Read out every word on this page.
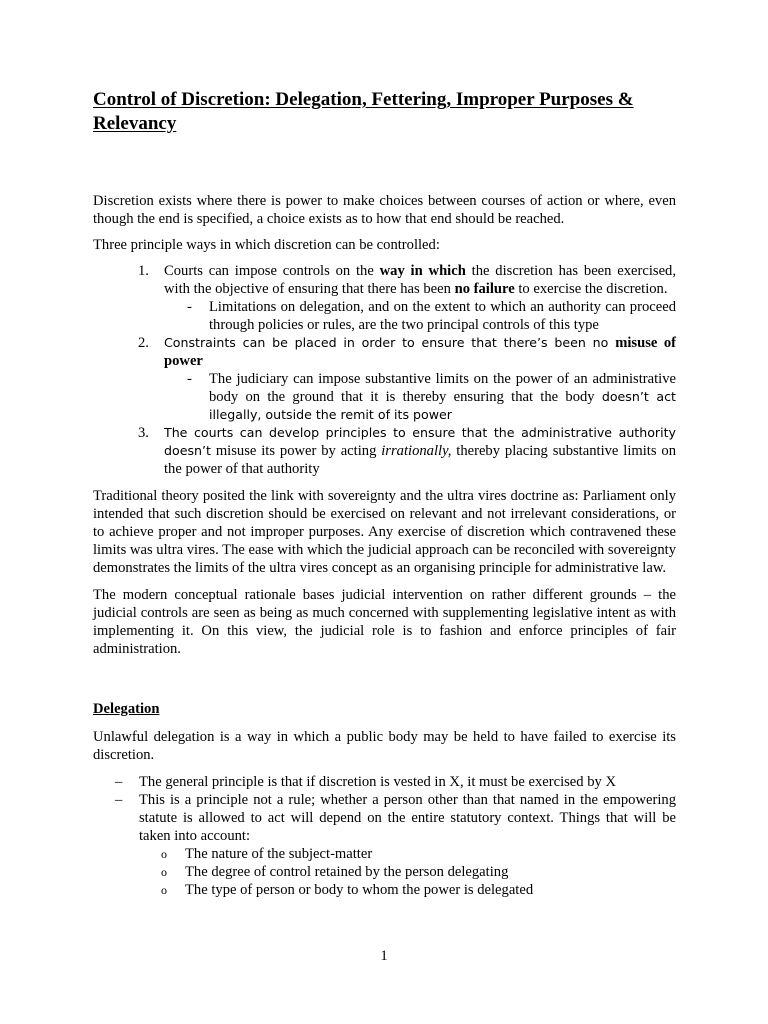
Control of Discretion: Delegation, Fettering, Improper Purposes & Relevancy

Discretion exists where there is power to make choices between courses of action or where, even though the end is specified, a choice exists as to how that end should be reached.

Three principle ways in which discretion can be controlled:

1.	Courts can impose controls on the way in which the discretion has been exercised, with the objective of ensuring that there has been no failure to exercise the discretion.
-	Limitations on delegation, and on the extent to which an authority can proceed through policies or rules, are the two principal controls of this type
2.	Constraints can be placed in order to ensure that there’s been no misuse of power
-	The judiciary can impose substantive limits on the power of an administrative body on the ground that it is thereby ensuring that the body doesn’t act illegally, outside the remit of its power
3.	The courts can develop principles to ensure that the administrative authority doesn’t misuse its power by acting irrationally, thereby placing substantive limits on the power of that authority

Traditional theory posited the link with sovereignty and the ultra vires doctrine as: Parliament only intended that such discretion should be exercised on relevant and not irrelevant considerations, or to achieve proper and not improper purposes. Any exercise of discretion which contravened these limits was ultra vires. The ease with which the judicial approach can be reconciled with sovereignty demonstrates the limits of the ultra vires concept as an organising principle for administrative law.

The modern conceptual rationale bases judicial intervention on rather different grounds – the judicial controls are seen as being as much concerned with supplementing legislative intent as with implementing it. On this view, the judicial role is to fashion and enforce principles of fair administration.

Delegation

Unlawful delegation is a way in which a public body may be held to have failed to exercise its discretion.

–	The general principle is that if discretion is vested in X, it must be exercised by X
–	This is a principle not a rule; whether a person other than that named in the empowering statute is allowed to act will depend on the entire statutory context. Things that will be taken into account:
o	The nature of the subject-matter
o	The degree of control retained by the person delegating
o	The type of person or body to whom the power is delegated
1
